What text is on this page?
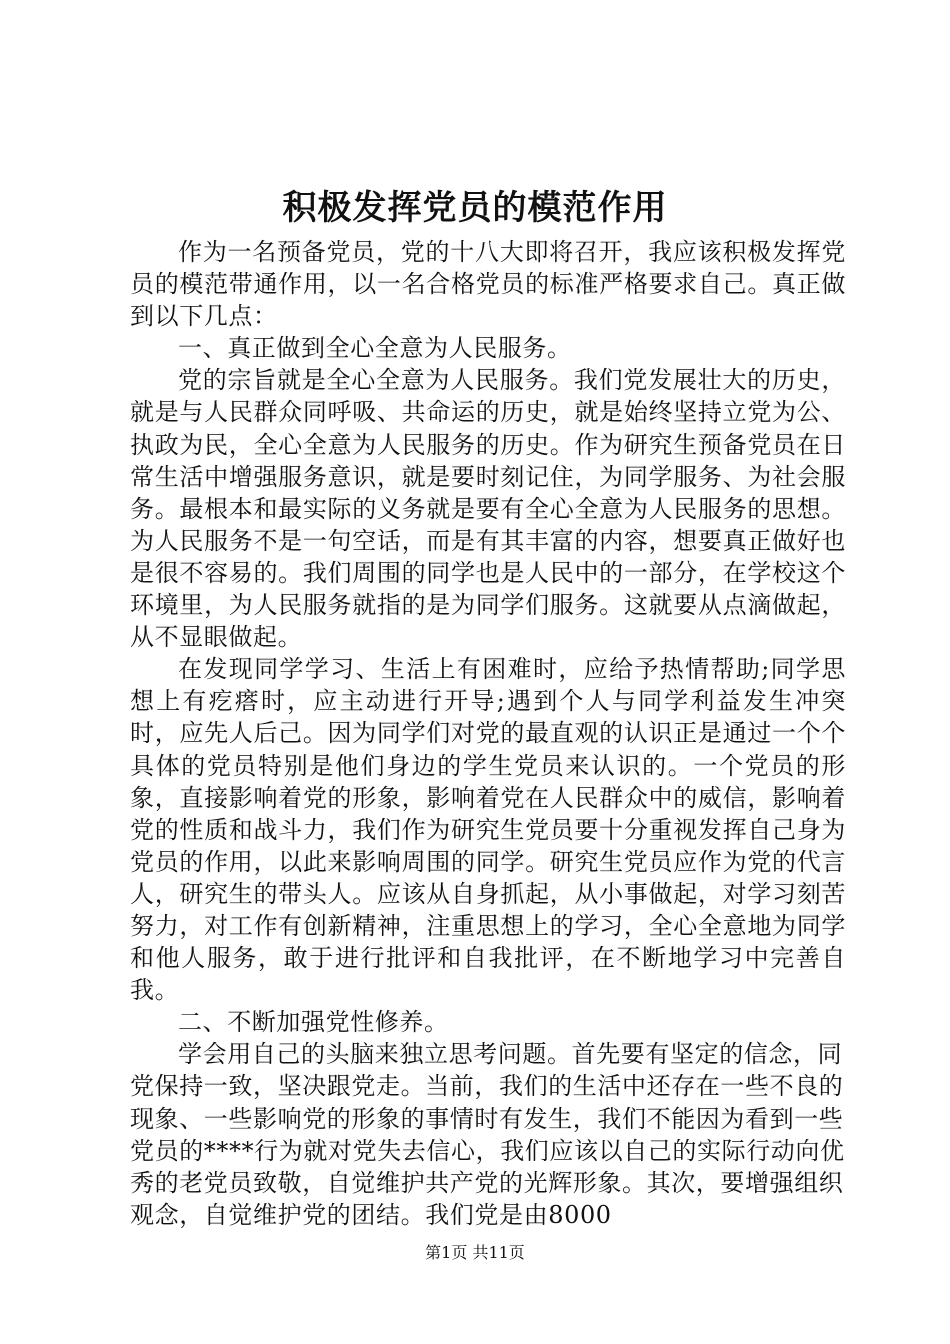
积极发挥党员的模范作用

作为一名预备党员，党的十八大即将召开，我应该积极发挥党员的模范带通作用，以一名合格党员的标准严格要求自己。真正做到以下几点：

一、真正做到全心全意为人民服务。

党的宗旨就是全心全意为人民服务。我们党发展壮大的历史，就是与人民群众同呼吸、共命运的历史，就是始终坚持立党为公、执政为民，全心全意为人民服务的历史。作为研究生预备党员在日常生活中增强服务意识，就是要时刻记住，为同学服务、为社会服务。最根本和最实际的义务就是要有全心全意为人民服务的思想。为人民服务不是一句空话，而是有其丰富的内容，想要真正做好也是很不容易的。我们周围的同学也是人民中的一部分，在学校这个环境里，为人民服务就指的是为同学们服务。这就要从点滴做起，从不显眼做起。

在发现同学学习、生活上有困难时，应给予热情帮助;同学思想上有疙瘩时，应主动进行开导;遇到个人与同学利益发生冲突时，应先人后己。因为同学们对党的最直观的认识正是通过一个个具体的党员特别是他们身边的学生党员来认识的。一个党员的形象，直接影响着党的形象，影响着党在人民群众中的威信，影响着党的性质和战斗力，我们作为研究生党员要十分重视发挥自己身为党员的作用，以此来影响周围的同学。研究生党员应作为党的代言人，研究生的带头人。应该从自身抓起，从小事做起，对学习刻苦努力，对工作有创新精神，注重思想上的学习，全心全意地为同学和他人服务，敢于进行批评和自我批评，在不断地学习中完善自我。

二、不断加强党性修养。

学会用自己的头脑来独立思考问题。首先要有坚定的信念，同党保持一致，坚决跟党走。当前，我们的生活中还存在一些不良的现象、一些影响党的形象的事情时有发生，我们不能因为看到一些党员的****行为就对党失去信心，我们应该以自己的实际行动向优秀的老党员致敬，自觉维护共产党的光辉形象。其次，要增强组织观念，自觉维护党的团结。我们党是由8000

第1页 共11页
